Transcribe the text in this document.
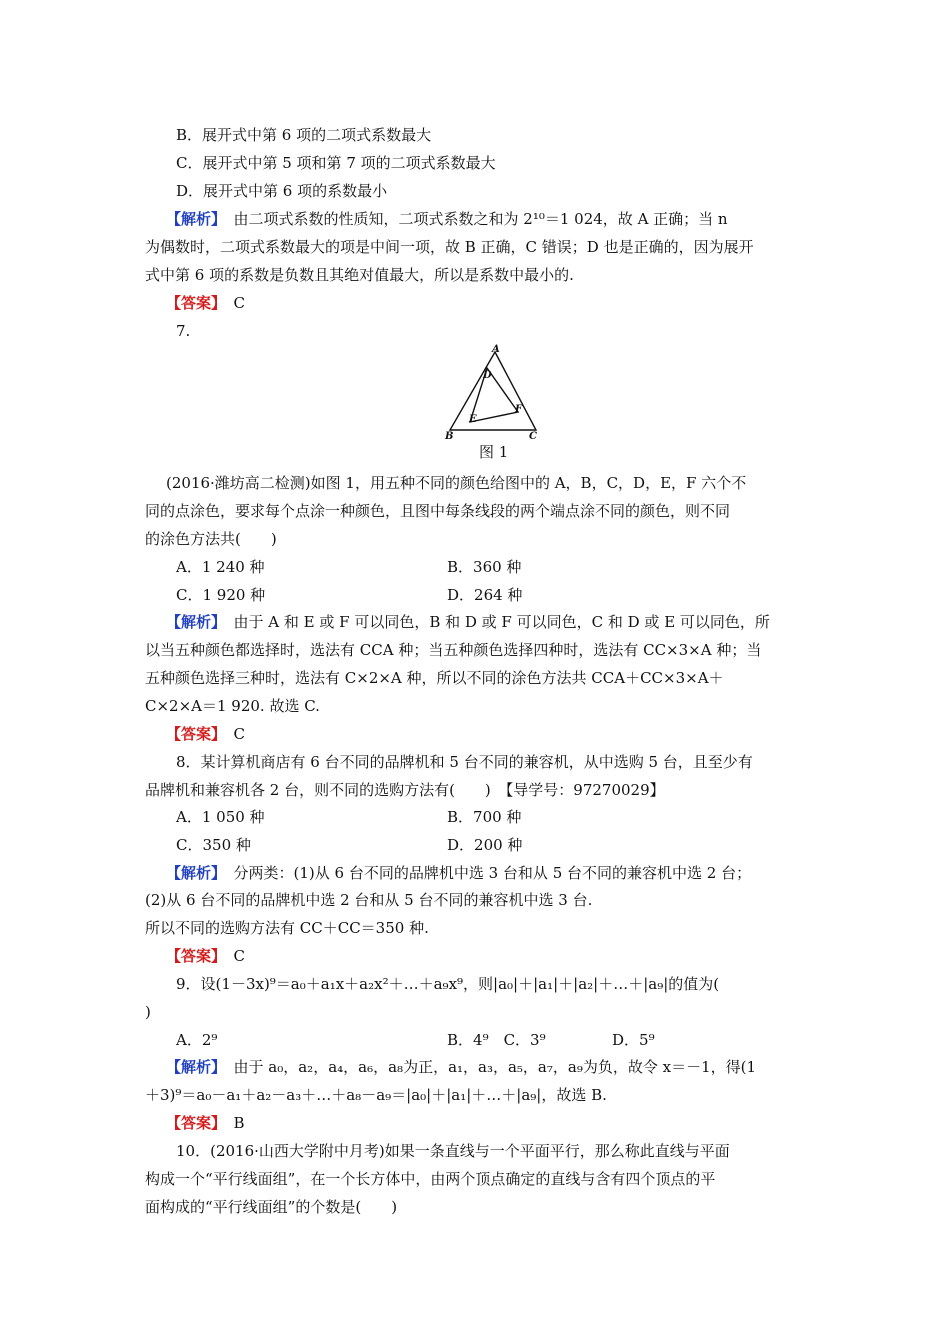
B．展开式中第 6 项的二项式系数最大
C．展开式中第 5 项和第 7 项的二项式系数最大
D．展开式中第 6 项的系数最小
【解析】　由二项式系数的性质知，二项式系数之和为 2¹⁰＝1 024，故 A 正确；当 n
为偶数时，二项式系数最大的项是中间一项，故 B 正确，C 错误；D 也是正确的，因为展开
式中第 6 项的系数是负数且其绝对值最大，所以是系数中最小的.
【答案】　C
7.
A
D
E
F
B	C
图 1
(2016·潍坊高二检测)如图 1，用五种不同的颜色给图中的 A，B，C，D，E，F 六个不
同的点涂色，要求每个点涂一种颜色，且图中每条线段的两个端点涂不同的颜色，则不同
的涂色方法共(　　)
A．1 240 种	B．360 种
C．1 920 种	D．264 种
【解析】　由于 A 和 E 或 F 可以同色，B 和 D 或 F 可以同色，C 和 D 或 E 可以同色，所
以当五种颜色都选择时，选法有 CCA 种；当五种颜色选择四种时，选法有 CC×3×A 种；当
五种颜色选择三种时，选法有 C×2×A 种，所以不同的涂色方法共 CCA＋CC×3×A＋
C×2×A＝1 920. 故选 C.
【答案】　C
8．某计算机商店有 6 台不同的品牌机和 5 台不同的兼容机，从中选购 5 台，且至少有
品牌机和兼容机各 2 台，则不同的选购方法有(　　)　【导学号：97270029】
A．1 050 种	B．700 种
C．350 种	D．200 种
【解析】　分两类：(1)从 6 台不同的品牌机中选 3 台和从 5 台不同的兼容机中选 2 台；
(2)从 6 台不同的品牌机中选 2 台和从 5 台不同的兼容机中选 3 台.
所以不同的选购方法有 CC＋CC＝350 种.
【答案】　C
9．设(1－3x)⁹＝a₀＋a₁x＋a₂x²＋…＋a₉x⁹，则|a₀|＋|a₁|＋|a₂|＋…＋|a₉|的值为(
)
A．2⁹	B．4⁹　C．3⁹	D．5⁹
【解析】　由于 a₀，a₂，a₄，a₆，a₈为正，a₁，a₃，a₅，a₇，a₉为负，故令 x＝－1，得(1
＋3)⁹＝a₀－a₁＋a₂－a₃＋…＋a₈－a₉＝|a₀|＋|a₁|＋…＋|a₉|，故选 B.
【答案】　B
10．(2016·山西大学附中月考)如果一条直线与一个平面平行，那么称此直线与平面
构成一个“平行线面组”，在一个长方体中，由两个顶点确定的直线与含有四个顶点的平
面构成的“平行线面组”的个数是(　　)
